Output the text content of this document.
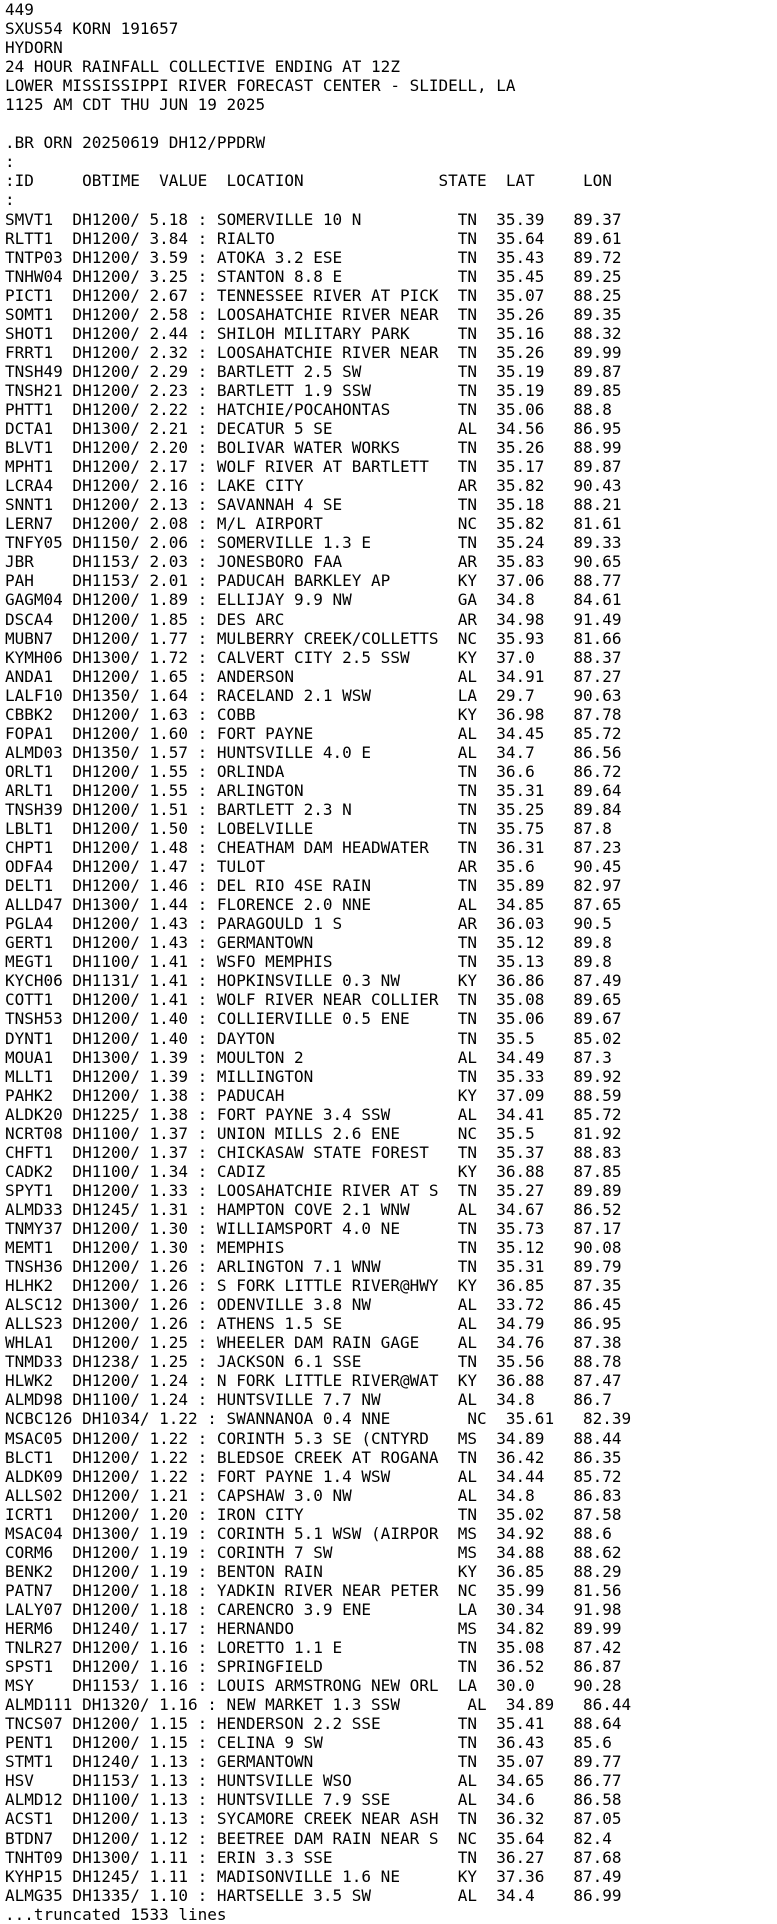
449
SXUS54 KORN 191657
HYDORN
24 HOUR RAINFALL COLLECTIVE ENDING AT 12Z
LOWER MISSISSIPPI RIVER FORECAST CENTER - SLIDELL, LA
1125 AM CDT THU JUN 19 2025
.BR ORN 20250619 DH12/PPDRW
:
:ID     OBTIME  VALUE  LOCATION              STATE  LAT     LON
:
SMVT1  DH1200/ 5.18 : SOMERVILLE 10 N          TN  35.39   89.37
RLTT1  DH1200/ 3.84 : RIALTO                   TN  35.64   89.61
TNTP03 DH1200/ 3.59 : ATOKA 3.2 ESE            TN  35.43   89.72
TNHW04 DH1200/ 3.25 : STANTON 8.8 E            TN  35.45   89.25
PICT1  DH1200/ 2.67 : TENNESSEE RIVER AT PICK  TN  35.07   88.25
SOMT1  DH1200/ 2.58 : LOOSAHATCHIE RIVER NEAR  TN  35.26   89.35
SHOT1  DH1200/ 2.44 : SHILOH MILITARY PARK     TN  35.16   88.32
FRRT1  DH1200/ 2.32 : LOOSAHATCHIE RIVER NEAR  TN  35.26   89.99
TNSH49 DH1200/ 2.29 : BARTLETT 2.5 SW          TN  35.19   89.87
TNSH21 DH1200/ 2.23 : BARTLETT 1.9 SSW         TN  35.19   89.85
PHTT1  DH1200/ 2.22 : HATCHIE/POCAHONTAS       TN  35.06   88.8
DCTA1  DH1300/ 2.21 : DECATUR 5 SE             AL  34.56   86.95
BLVT1  DH1200/ 2.20 : BOLIVAR WATER WORKS      TN  35.26   88.99
MPHT1  DH1200/ 2.17 : WOLF RIVER AT BARTLETT   TN  35.17   89.87
LCRA4  DH1200/ 2.16 : LAKE CITY                AR  35.82   90.43
SNNT1  DH1200/ 2.13 : SAVANNAH 4 SE            TN  35.18   88.21
LERN7  DH1200/ 2.08 : M/L AIRPORT              NC  35.82   81.61
TNFY05 DH1150/ 2.06 : SOMERVILLE 1.3 E         TN  35.24   89.33
JBR    DH1153/ 2.03 : JONESBORO FAA            AR  35.83   90.65
PAH    DH1153/ 2.01 : PADUCAH BARKLEY AP       KY  37.06   88.77
GAGM04 DH1200/ 1.89 : ELLIJAY 9.9 NW           GA  34.8    84.61
DSCA4  DH1200/ 1.85 : DES ARC                  AR  34.98   91.49
MUBN7  DH1200/ 1.77 : MULBERRY CREEK/COLLETTS  NC  35.93   81.66
KYMH06 DH1300/ 1.72 : CALVERT CITY 2.5 SSW     KY  37.0    88.37
ANDA1  DH1200/ 1.65 : ANDERSON                 AL  34.91   87.27
LALF10 DH1350/ 1.64 : RACELAND 2.1 WSW         LA  29.7    90.63
CBBK2  DH1200/ 1.63 : COBB                     KY  36.98   87.78
FOPA1  DH1200/ 1.60 : FORT PAYNE               AL  34.45   85.72
ALMD03 DH1350/ 1.57 : HUNTSVILLE 4.0 E         AL  34.7    86.56
ORLT1  DH1200/ 1.55 : ORLINDA                  TN  36.6    86.72
ARLT1  DH1200/ 1.55 : ARLINGTON                TN  35.31   89.64
TNSH39 DH1200/ 1.51 : BARTLETT 2.3 N           TN  35.25   89.84
LBLT1  DH1200/ 1.50 : LOBELVILLE               TN  35.75   87.8
CHPT1  DH1200/ 1.48 : CHEATHAM DAM HEADWATER   TN  36.31   87.23
ODFA4  DH1200/ 1.47 : TULOT                    AR  35.6    90.45
DELT1  DH1200/ 1.46 : DEL RIO 4SE RAIN         TN  35.89   82.97
ALLD47 DH1300/ 1.44 : FLORENCE 2.0 NNE         AL  34.85   87.65
PGLA4  DH1200/ 1.43 : PARAGOULD 1 S            AR  36.03   90.5
GERT1  DH1200/ 1.43 : GERMANTOWN               TN  35.12   89.8
MEGT1  DH1100/ 1.41 : WSFO MEMPHIS             TN  35.13   89.8
KYCH06 DH1131/ 1.41 : HOPKINSVILLE 0.3 NW      KY  36.86   87.49
COTT1  DH1200/ 1.41 : WOLF RIVER NEAR COLLIER  TN  35.08   89.65
TNSH53 DH1200/ 1.40 : COLLIERVILLE 0.5 ENE     TN  35.06   89.67
DYNT1  DH1200/ 1.40 : DAYTON                   TN  35.5    85.02
MOUA1  DH1300/ 1.39 : MOULTON 2                AL  34.49   87.3
MLLT1  DH1200/ 1.39 : MILLINGTON               TN  35.33   89.92
PAHK2  DH1200/ 1.38 : PADUCAH                  KY  37.09   88.59
ALDK20 DH1225/ 1.38 : FORT PAYNE 3.4 SSW       AL  34.41   85.72
NCRT08 DH1100/ 1.37 : UNION MILLS 2.6 ENE      NC  35.5    81.92
CHFT1  DH1200/ 1.37 : CHICKASAW STATE FOREST   TN  35.37   88.83
CADK2  DH1100/ 1.34 : CADIZ                    KY  36.88   87.85
SPYT1  DH1200/ 1.33 : LOOSAHATCHIE RIVER AT S  TN  35.27   89.89
ALMD33 DH1245/ 1.31 : HAMPTON COVE 2.1 WNW     AL  34.67   86.52
TNMY37 DH1200/ 1.30 : WILLIAMSPORT 4.0 NE      TN  35.73   87.17
MEMT1  DH1200/ 1.30 : MEMPHIS                  TN  35.12   90.08
TNSH36 DH1200/ 1.26 : ARLINGTON 7.1 WNW        TN  35.31   89.79
HLHK2  DH1200/ 1.26 : S FORK LITTLE RIVER@HWY  KY  36.85   87.35
ALSC12 DH1300/ 1.26 : ODENVILLE 3.8 NW         AL  33.72   86.45
ALLS23 DH1200/ 1.26 : ATHENS 1.5 SE            AL  34.79   86.95
WHLA1  DH1200/ 1.25 : WHEELER DAM RAIN GAGE    AL  34.76   87.38
TNMD33 DH1238/ 1.25 : JACKSON 6.1 SSE          TN  35.56   88.78
HLWK2  DH1200/ 1.24 : N FORK LITTLE RIVER@WAT  KY  36.88   87.47
ALMD98 DH1100/ 1.24 : HUNTSVILLE 7.7 NW        AL  34.8    86.7
NCBC126 DH1034/ 1.22 : SWANNANOA 0.4 NNE        NC  35.61   82.39
MSAC05 DH1200/ 1.22 : CORINTH 5.3 SE (CNTYRD   MS  34.89   88.44
BLCT1  DH1200/ 1.22 : BLEDSOE CREEK AT ROGANA  TN  36.42   86.35
ALDK09 DH1200/ 1.22 : FORT PAYNE 1.4 WSW       AL  34.44   85.72
ALLS02 DH1200/ 1.21 : CAPSHAW 3.0 NW           AL  34.8    86.83
ICRT1  DH1200/ 1.20 : IRON CITY                TN  35.02   87.58
MSAC04 DH1300/ 1.19 : CORINTH 5.1 WSW (AIRPOR  MS  34.92   88.6
CORM6  DH1200/ 1.19 : CORINTH 7 SW             MS  34.88   88.62
BENK2  DH1200/ 1.19 : BENTON RAIN              KY  36.85   88.29
PATN7  DH1200/ 1.18 : YADKIN RIVER NEAR PETER  NC  35.99   81.56
LALY07 DH1200/ 1.18 : CARENCRO 3.9 ENE         LA  30.34   91.98
HERM6  DH1240/ 1.17 : HERNANDO                 MS  34.82   89.99
TNLR27 DH1200/ 1.16 : LORETTO 1.1 E            TN  35.08   87.42
SPST1  DH1200/ 1.16 : SPRINGFIELD              TN  36.52   86.87
MSY    DH1153/ 1.16 : LOUIS ARMSTRONG NEW ORL  LA  30.0    90.28
ALMD111 DH1320/ 1.16 : NEW MARKET 1.3 SSW       AL  34.89   86.44
TNCS07 DH1200/ 1.15 : HENDERSON 2.2 SSE        TN  35.41   88.64
PENT1  DH1200/ 1.15 : CELINA 9 SW              TN  36.43   85.6
STMT1  DH1240/ 1.13 : GERMANTOWN               TN  35.07   89.77
HSV    DH1153/ 1.13 : HUNTSVILLE WSO           AL  34.65   86.77
ALMD12 DH1100/ 1.13 : HUNTSVILLE 7.9 SSE       AL  34.6    86.58
ACST1  DH1200/ 1.13 : SYCAMORE CREEK NEAR ASH  TN  36.32   87.05
BTDN7  DH1200/ 1.12 : BEETREE DAM RAIN NEAR S  NC  35.64   82.4
TNHT09 DH1300/ 1.11 : ERIN 3.3 SSE             TN  36.27   87.68
KYHP15 DH1245/ 1.11 : MADISONVILLE 1.6 NE      KY  37.36   87.49
ALMG35 DH1335/ 1.10 : HARTSELLE 3.5 SW         AL  34.4    86.99
...truncated 1533 lines
